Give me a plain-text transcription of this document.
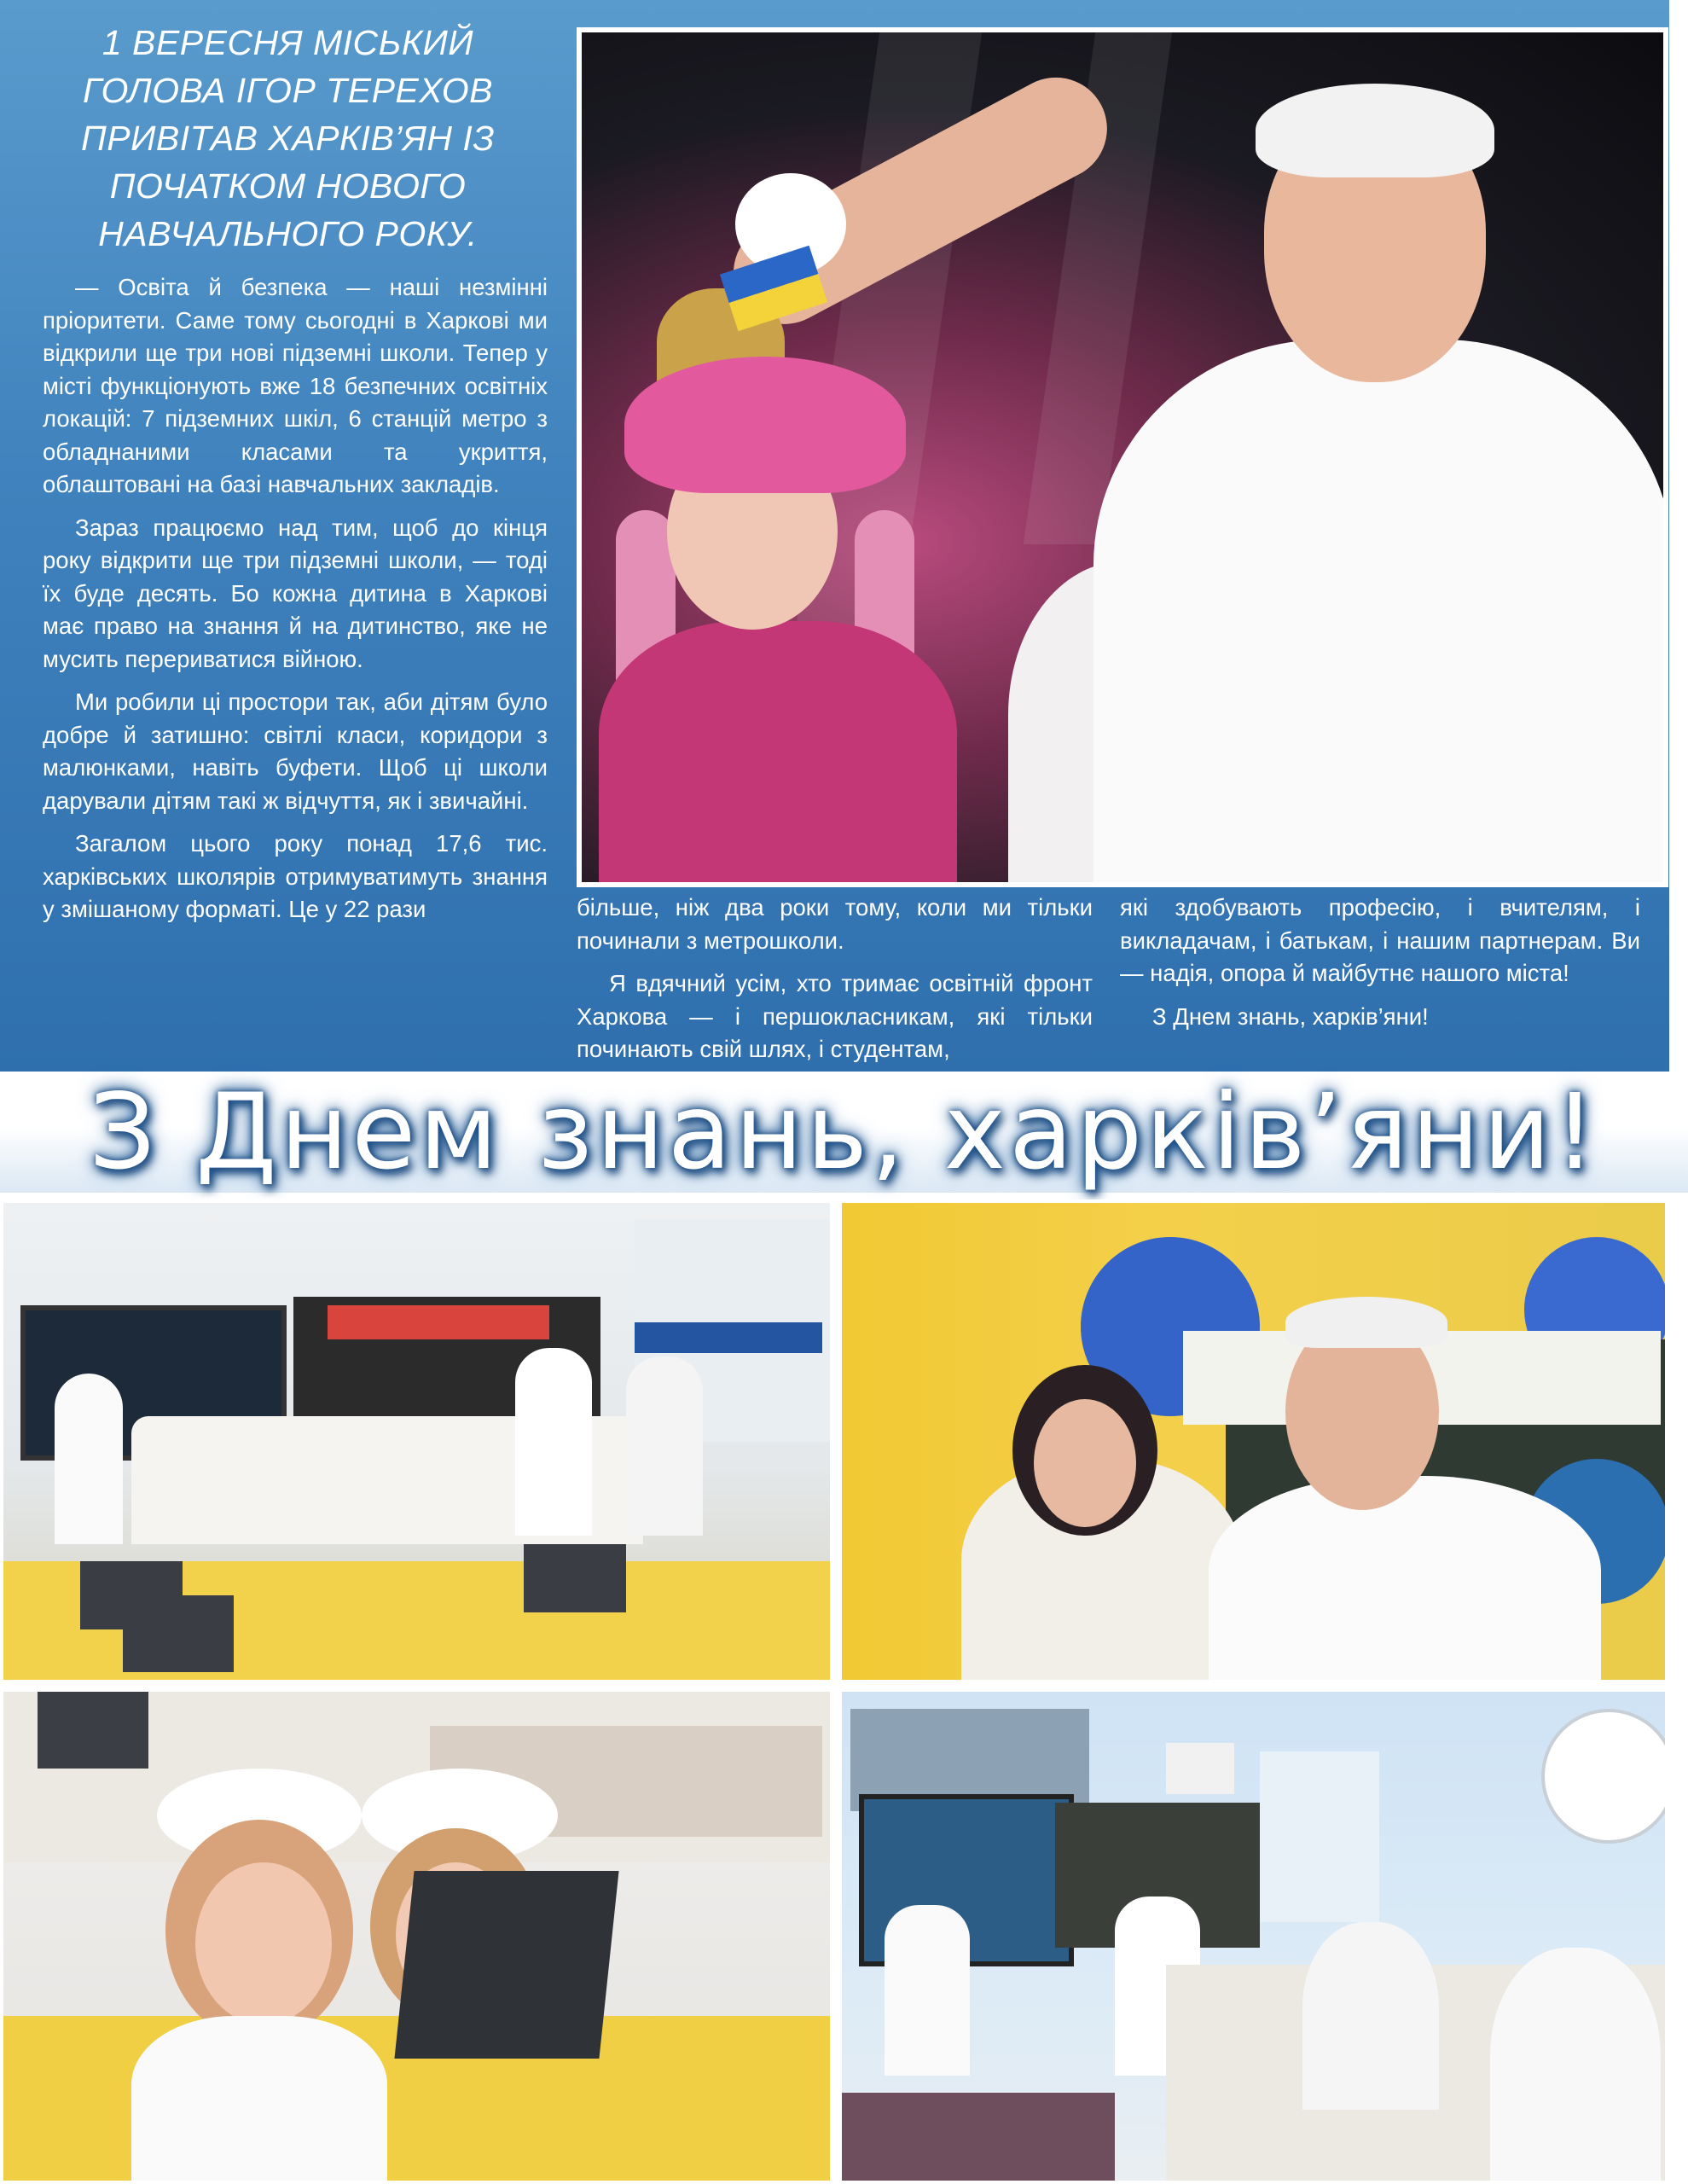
1 ВЕРЕСНЯ МІСЬКИЙ ГОЛОВА ІГОР ТЕРЕХОВ ПРИВІТАВ ХАРКІВ’ЯН ІЗ ПОЧАТКОМ НОВОГО НАВЧАЛЬНОГО РОКУ.

— Освіта й безпека — наші незмінні пріоритети. Саме тому сьогодні в Харкові ми відкрили ще три нові підземні школи. Тепер у місті функціонують вже 18 безпечних освітніх локацій: 7 підземних шкіл, 6 станцій метро з обладнаними класами та укриття, облаштовані на базі навчальних закладів.

Зараз працюємо над тим, щоб до кінця року відкрити ще три підземні школи, — тоді їх буде десять. Бо кожна дитина в Харкові має право на знання й на дитинство, яке не мусить перериватися війною.

Ми робили ці простори так, аби дітям було добре й затишно: світлі класи, коридори з малюнками, навіть буфети. Щоб ці школи дарували дітям такі ж відчуття, як і звичайні.

Загалом цього року понад 17,6 тис. харківських школярів отримуватимуть знання у змішаному форматі. Це у 22 рази	більше, ніж два роки тому, коли ми тільки починали з метрошколи.

Я вдячний усім, хто тримає освітній фронт Харкова — і першокласникам, які тільки починають свій шлях, і студентам,

які здобувають професію, і вчителям, і викладачам, і батькам, і нашим партнерам. Ви — надія, опора й майбутнє нашого міста!

З Днем знань, харків’яни!

З Днем знань, харків’яни!
